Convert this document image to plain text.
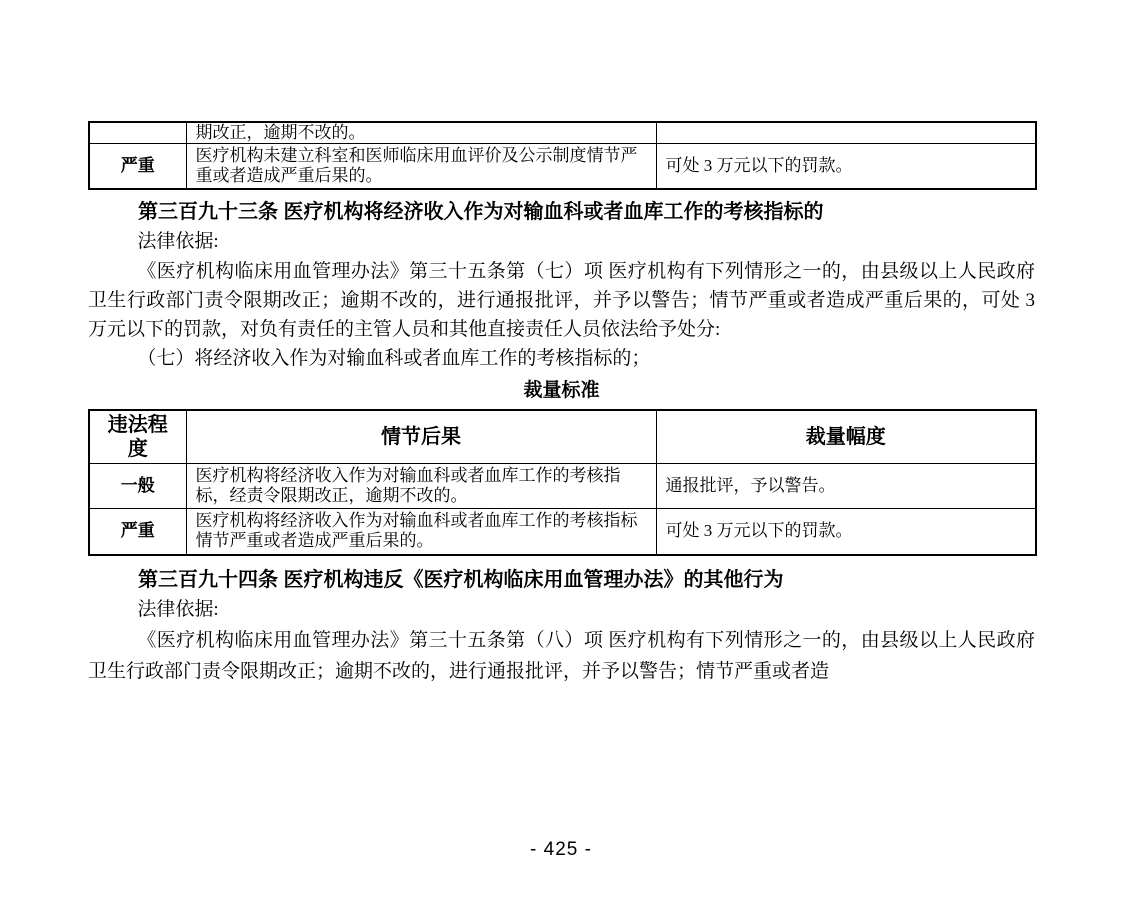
	期改正，逾期不改的。	
严重	医疗机构未建立科室和医师临床用血评价及公示制度情节严重或者造成严重后果的。	可处 3 万元以下的罚款。
第三百九十三条 医疗机构将经济收入作为对输血科或者血库工作的考核指标的

法律依据:

《医疗机构临床用血管理办法》第三十五条第（七）项 医疗机构有下列情形之一的，由县级以上人民政府卫生行政部门责令限期改正；逾期不改的，进行通报批评，并予以警告；情节严重或者造成严重后果的，可处 3 万元以下的罚款，对负有责任的主管人员和其他直接责任人员依法给予处分:

（七）将经济收入作为对输血科或者血库工作的考核指标的；

裁量标准
违法程度	情节后果	裁量幅度
一般	医疗机构将经济收入作为对输血科或者血库工作的考核指标，经责令限期改正，逾期不改的。	通报批评，予以警告。
严重	医疗机构将经济收入作为对输血科或者血库工作的考核指标情节严重或者造成严重后果的。	可处 3 万元以下的罚款。
第三百九十四条 医疗机构违反《医疗机构临床用血管理办法》的其他行为

法律依据:

《医疗机构临床用血管理办法》第三十五条第（八）项 医疗机构有下列情形之一的，由县级以上人民政府卫生行政部门责令限期改正；逾期不改的，进行通报批评，并予以警告；情节严重或者造

- 425 -
